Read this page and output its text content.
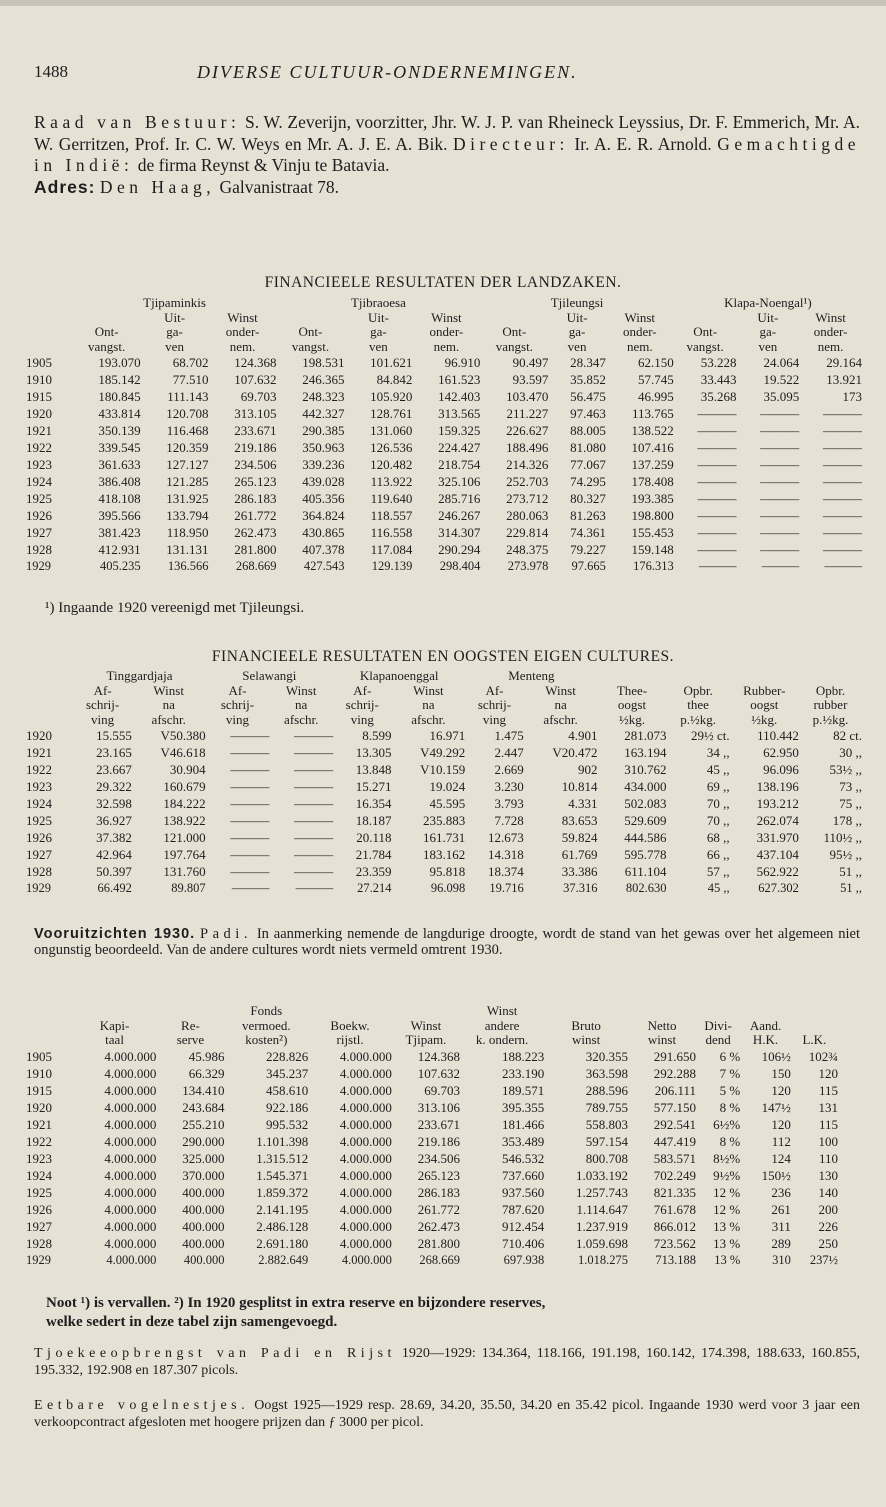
1488	DIVERSE CULTUUR-ONDERNEMINGEN.

Raad van Bestuur: S. W. Zeverijn, voorzitter, Jhr. W. J. P. van Rheineck Leyssius, Dr. F. Emmerich, Mr. A. W. Gerritzen, Prof. Ir. C. W. Weys en Mr. A. J. E. A. Bik. Directeur: Ir. A. E. R. Arnold. Gemachtigde in Indië: de firma Reynst & Vinju te Batavia.

Adres: Den Haag, Galvanistraat 78.

FINANCIEELE RESULTATEN DER LANDZAKEN.
	Tjipaminkis			Tjibraoesa			Tjileungsi			Klapa-Noengal¹)		
		Uit-	Winst		Uit-	Winst		Uit-	Winst		Uit-	Winst
	Ont-	ga-	onder-	Ont-	ga-	onder-	Ont-	ga-	onder-	Ont-	ga-	onder-
	vangst.	ven	nem.	vangst.	ven	nem.	vangst.	ven	nem.	vangst.	ven	nem.
1905	193.070	68.702	124.368	198.531	101.621	96.910	90.497	28.347	62.150	53.228	24.064	29.164
1910	185.142	77.510	107.632	246.365	84.842	161.523	93.597	35.852	57.745	33.443	19.522	13.921
1915	180.845	111.143	69.703	248.323	105.920	142.403	103.470	56.475	46.995	35.268	35.095	173
1920	433.814	120.708	313.105	442.327	128.761	313.565	211.227	97.463	113.765	———	———	———
1921	350.139	116.468	233.671	290.385	131.060	159.325	226.627	88.005	138.522	———	———	———
1922	339.545	120.359	219.186	350.963	126.536	224.427	188.496	81.080	107.416	———	———	———
1923	361.633	127.127	234.506	339.236	120.482	218.754	214.326	77.067	137.259	———	———	———
1924	386.408	121.285	265.123	439.028	113.922	325.106	252.703	74.295	178.408	———	———	———
1925	418.108	131.925	286.183	405.356	119.640	285.716	273.712	80.327	193.385	———	———	———
1926	395.566	133.794	261.772	364.824	118.557	246.267	280.063	81.263	198.800	———	———	———
1927	381.423	118.950	262.473	430.865	116.558	314.307	229.814	74.361	155.453	———	———	———
1928	412.931	131.131	281.800	407.378	117.084	290.294	248.375	79.227	159.148	———	———	———
1929	405.235	136.566	268.669	427.543	129.139	298.404	273.978	97.665	176.313	———	———	———
¹) Ingaande 1920 vereenigd met Tjileungsi.
FINANCIEELE RESULTATEN EN OOGSTEN EIGEN CULTURES.
	Tinggardjaja		Selawangi		Klapanoenggal		Menteng					
	Af-	Winst	Af-	Winst	Af-	Winst	Af-	Winst	Thee-	Opbr.	Rubber-	Opbr.
	schrij-	na	schrij-	na	schrij-	na	schrij-	na	oogst	thee	oogst	rubber
	ving	afschr.	ving	afschr.	ving	afschr.	ving	afschr.	½kg.	p.½kg.	½kg.	p.½kg.
1920	15.555	V50.380	———	———	8.599	16.971	1.475	4.901	281.073	29½ ct.	110.442	82 ct.
1921	23.165	V46.618	———	———	13.305	V49.292	2.447	V20.472	163.194	34 ,,	62.950	30 ,,
1922	23.667	30.904	———	———	13.848	V10.159	2.669	902	310.762	45 ,,	96.096	53½ ,,
1923	29.322	160.679	———	———	15.271	19.024	3.230	10.814	434.000	69 ,,	138.196	73 ,,
1924	32.598	184.222	———	———	16.354	45.595	3.793	4.331	502.083	70 ,,	193.212	75 ,,
1925	36.927	138.922	———	———	18.187	235.883	7.728	83.653	529.609	70 ,,	262.074	178 ,,
1926	37.382	121.000	———	———	20.118	161.731	12.673	59.824	444.586	68 ,,	331.970	110½ ,,
1927	42.964	197.764	———	———	21.784	183.162	14.318	61.769	595.778	66 ,,	437.104	95½ ,,
1928	50.397	131.760	———	———	23.359	95.818	18.374	33.386	611.104	57 ,,	562.922	51 ,,
1929	66.492	89.807	———	———	27.214	96.098	19.716	37.316	802.630	45 ,,	627.302	51 ,,

Vooruitzichten 1930. Padi. In aanmerking nemende de langdurige droogte, wordt de stand van het gewas over het algemeen niet ongunstig beoordeeld. Van de andere cultures wordt niets vermeld omtrent 1930.

			Fonds			Winst					
	Kapi-	Re-	vermoed.	Boekw.	Winst	andere	Bruto	Netto	Divi-	Aand.	
	taal	serve	kosten²)	rijstl.	Tjipam.	k. ondern.	winst	winst	dend	H.K.	L.K.
1905	4.000.000	45.986	228.826	4.000.000	124.368	188.223	320.355	291.650	6 %	106½	102¾
1910	4.000.000	66.329	345.237	4.000.000	107.632	233.190	363.598	292.288	7 %	150	120
1915	4.000.000	134.410	458.610	4.000.000	69.703	189.571	288.596	206.111	5 %	120	115
1920	4.000.000	243.684	922.186	4.000.000	313.106	395.355	789.755	577.150	8 %	147½	131
1921	4.000.000	255.210	995.532	4.000.000	233.671	181.466	558.803	292.541	6½%	120	115
1922	4.000.000	290.000	1.101.398	4.000.000	219.186	353.489	597.154	447.419	8 %	112	100
1923	4.000.000	325.000	1.315.512	4.000.000	234.506	546.532	800.708	583.571	8½%	124	110
1924	4.000.000	370.000	1.545.371	4.000.000	265.123	737.660	1.033.192	702.249	9½%	150½	130
1925	4.000.000	400.000	1.859.372	4.000.000	286.183	937.560	1.257.743	821.335	12 %	236	140
1926	4.000.000	400.000	2.141.195	4.000.000	261.772	787.620	1.114.647	761.678	12 %	261	200
1927	4.000.000	400.000	2.486.128	4.000.000	262.473	912.454	1.237.919	866.012	13 %	311	226
1928	4.000.000	400.000	2.691.180	4.000.000	281.800	710.406	1.059.698	723.562	13 %	289	250
1929	4.000.000	400.000	2.882.649	4.000.000	268.669	697.938	1.018.275	713.188	13 %	310	237½

Noot ¹) is vervallen. ²) In 1920 gesplitst in extra reserve en bijzondere reserves,

welke sedert in deze tabel zijn samengevoegd.

Tjoekeeopbrengst van Padi en Rijst 1920—1929: 134.364, 118.166, 191.198, 160.142, 174.398, 188.633, 160.855, 195.332, 192.908 en 187.307 picols.

Eetbare vogelnestjes. Oogst 1925—1929 resp. 28.69, 34.20, 35.50, 34.20 en 35.42 picol. Ingaande 1930 werd voor 3 jaar een verkoopcontract afgesloten met hoogere prijzen dan ƒ 3000 per picol.
